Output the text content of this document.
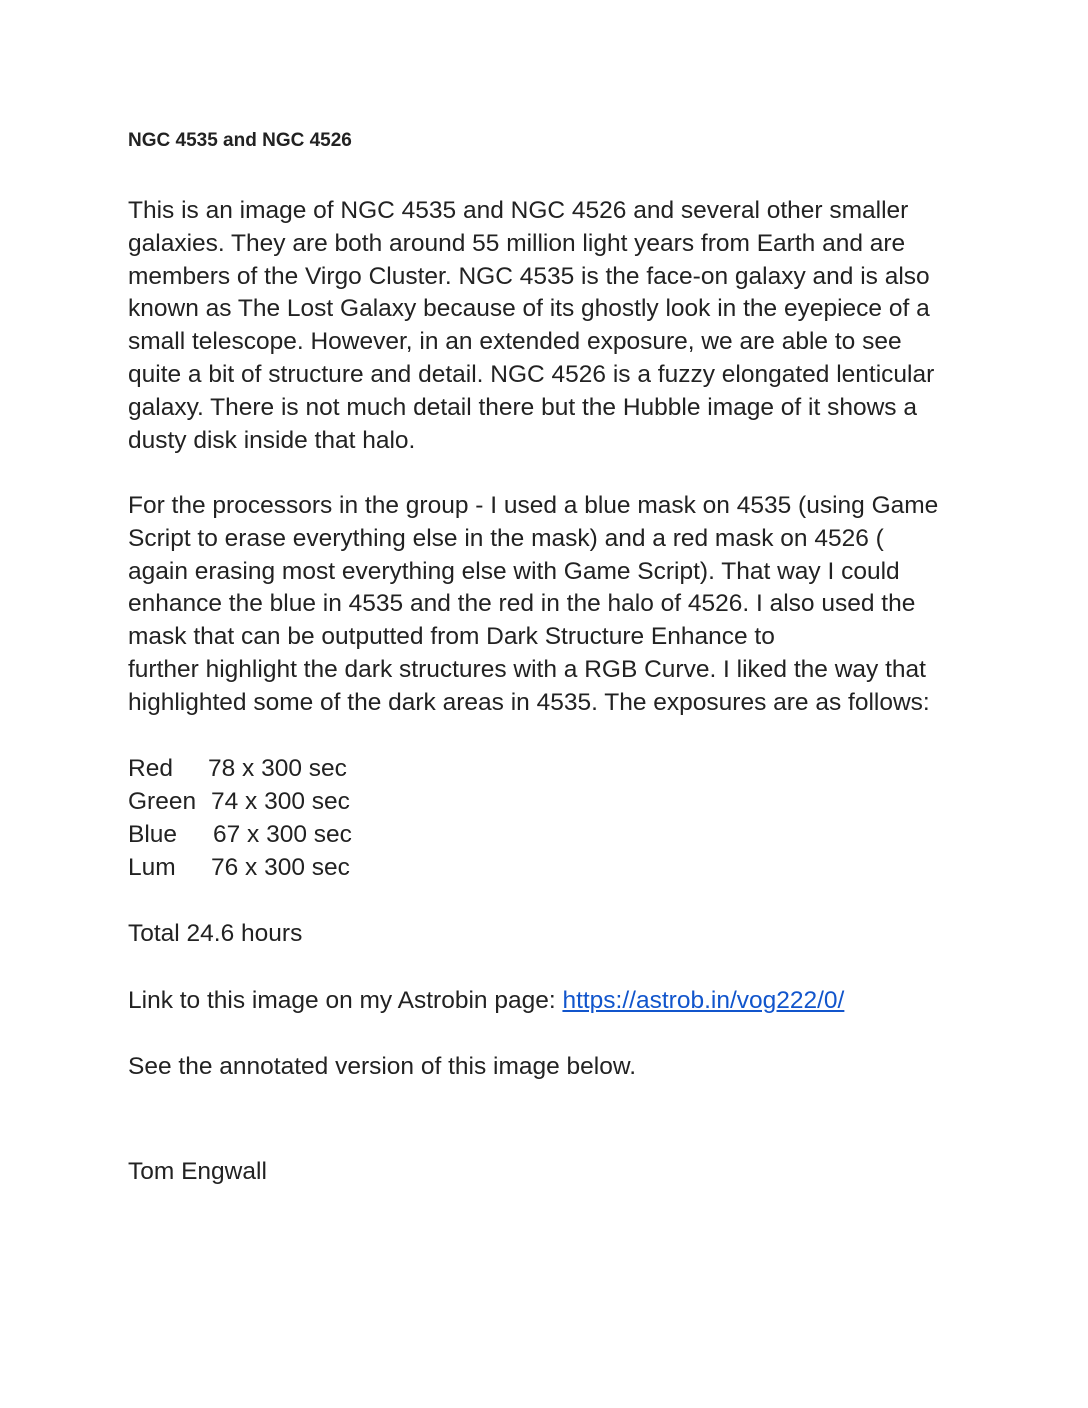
NGC 4535 and NGC 4526

This is an image of NGC 4535 and NGC 4526 and several other smaller
galaxies. They are both around 55 million light years from Earth and are
members of the Virgo Cluster. NGC 4535 is the face-on galaxy and is also
known as The Lost Galaxy because of its ghostly look in the eyepiece of a
small telescope. However, in an extended exposure, we are able to see
quite a bit of structure and detail. NGC 4526 is a fuzzy elongated lenticular
galaxy. There is not much detail there but the Hubble image of it shows a
dusty disk inside that halo.

For the processors in the group - I used a blue mask on 4535 (using Game
Script to erase everything else in the mask) and a red mask on 4526 (
again erasing most everything else with Game Script). That way I could
enhance the blue in 4535 and the red in the halo of 4526. I also used the
mask that can be outputted from Dark Structure Enhance to
further highlight the dark structures with a RGB Curve. I liked the way that
highlighted some of the dark areas in 4535. The exposures are as follows:

Red 78 x 300 sec
Green 74 x 300 sec
Blue 67 x 300 sec
Lum 76 x 300 sec
Total 24.6 hours
Link to this image on my Astrobin page: https://astrob.in/vog222/0/
See the annotated version of this image below.
Tom Engwall
